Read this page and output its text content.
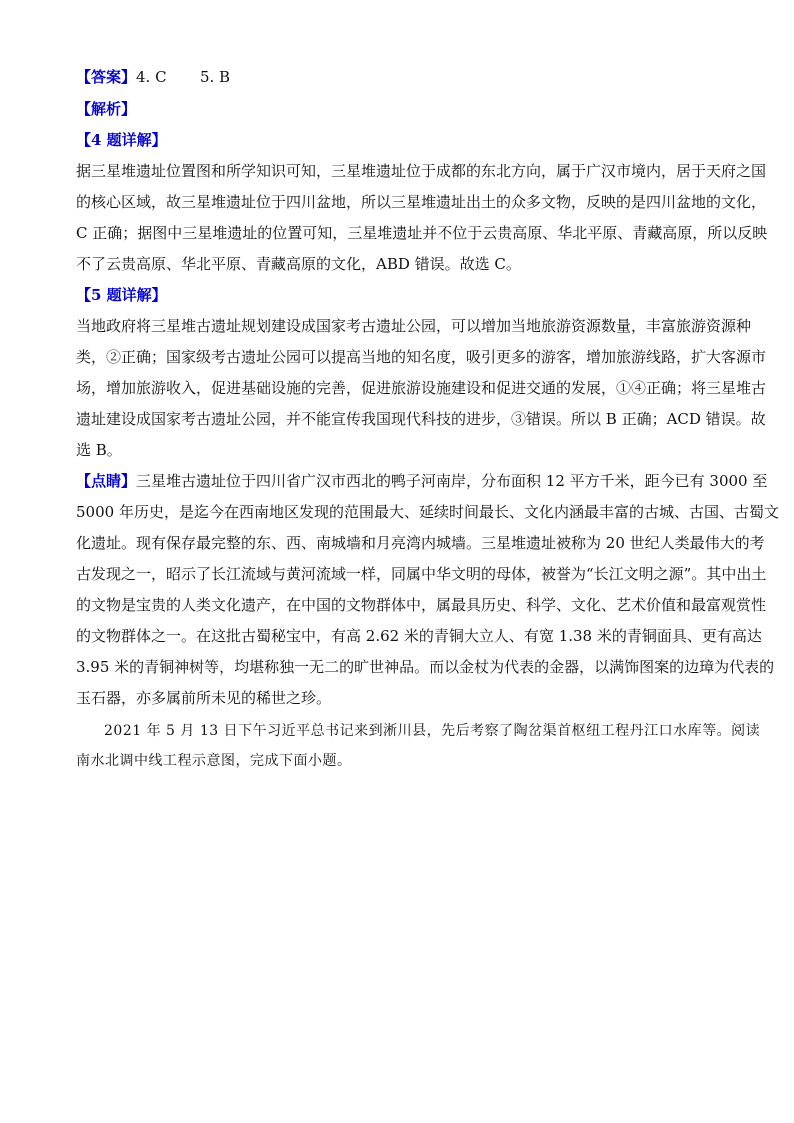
【答案】4. C       5. B
【解析】
【4 题详解】
据三星堆遗址位置图和所学知识可知，三星堆遗址位于成都的东北方向，属于广汉市境内，居于天府之国
的核心区域，故三星堆遗址位于四川盆地，所以三星堆遗址出土的众多文物，反映的是四川盆地的文化，
C 正确；据图中三星堆遗址的位置可知，三星堆遗址并不位于云贵高原、华北平原、青藏高原，所以反映
不了云贵高原、华北平原、青藏高原的文化，ABD 错误。故选 C。
【5 题详解】
当地政府将三星堆古遗址规划建设成国家考古遗址公园，可以增加当地旅游资源数量，丰富旅游资源种
类，②正确；国家级考古遗址公园可以提高当地的知名度，吸引更多的游客，增加旅游线路，扩大客源市
场，增加旅游收入，促进基础设施的完善，促进旅游设施建设和促进交通的发展，①④正确；将三星堆古
遗址建设成国家考古遗址公园，并不能宣传我国现代科技的进步，③错误。所以 B 正确；ACD 错误。故
选 B。
【点睛】三星堆古遗址位于四川省广汉市西北的鸭子河南岸，分布面积 12 平方千米，距今已有 3000 至
5000 年历史，是迄今在西南地区发现的范围最大、延续时间最长、文化内涵最丰富的古城、古国、古蜀文
化遗址。现有保存最完整的东、西、南城墙和月亮湾内城墙。三星堆遗址被称为 20 世纪人类最伟大的考
古发现之一，昭示了长江流域与黄河流域一样，同属中华文明的母体，被誉为“长江文明之源”。其中出土
的文物是宝贵的人类文化遗产，在中国的文物群体中，属最具历史、科学、文化、艺术价值和最富观赏性
的文物群体之一。在这批古蜀秘宝中，有高 2.62 米的青铜大立人、有宽 1.38 米的青铜面具、更有高达
3.95 米的青铜神树等，均堪称独一无二的旷世神品。而以金杖为代表的金器，以满饰图案的边璋为代表的
玉石器，亦多属前所未见的稀世之珍。
2021 年 5 月 13 日下午习近平总书记来到淅川县，先后考察了陶岔渠首枢纽工程丹江口水库等。阅读
南水北调中线工程示意图，完成下面小题。
